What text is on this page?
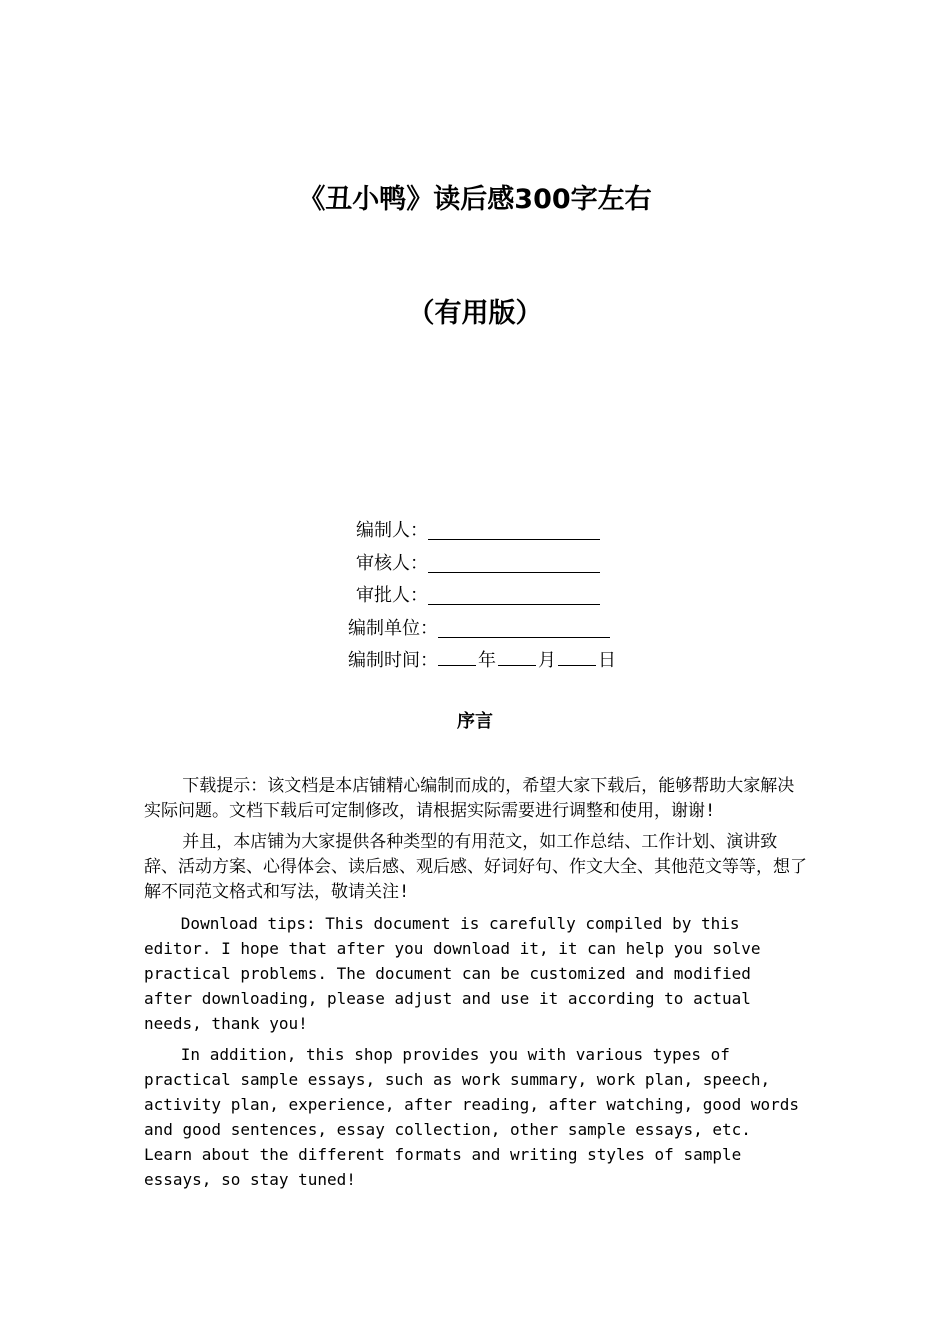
《丑小鸭》读后感300字左右
（有用版）
编制人：
审核人：
审批人：
编制单位：
编制时间：	年 月 日
序言

下载提示：该文档是本店铺精心编制而成的，希望大家下载后，能够帮助大家解决实际问题。文档下载后可定制修改，请根据实际需要进行调整和使用，谢谢!

并且，本店铺为大家提供各种类型的有用范文，如工作总结、工作计划、演讲致辞、活动方案、心得体会、读后感、观后感、好词好句、作文大全、其他范文等等，想了解不同范文格式和写法，敬请关注!

Download tips: This document is carefully compiled by this editor. I hope that after you download it, it can help you solve practical problems. The document can be customized and modified after downloading, please adjust and use it according to actual needs, thank you!

In addition, this shop provides you with various types of practical sample essays, such as work summary, work plan, speech, activity plan, experience, after reading, after watching, good words and good sentences, essay collection, other sample essays, etc. Learn about the different formats and writing styles of sample essays, so stay tuned!
